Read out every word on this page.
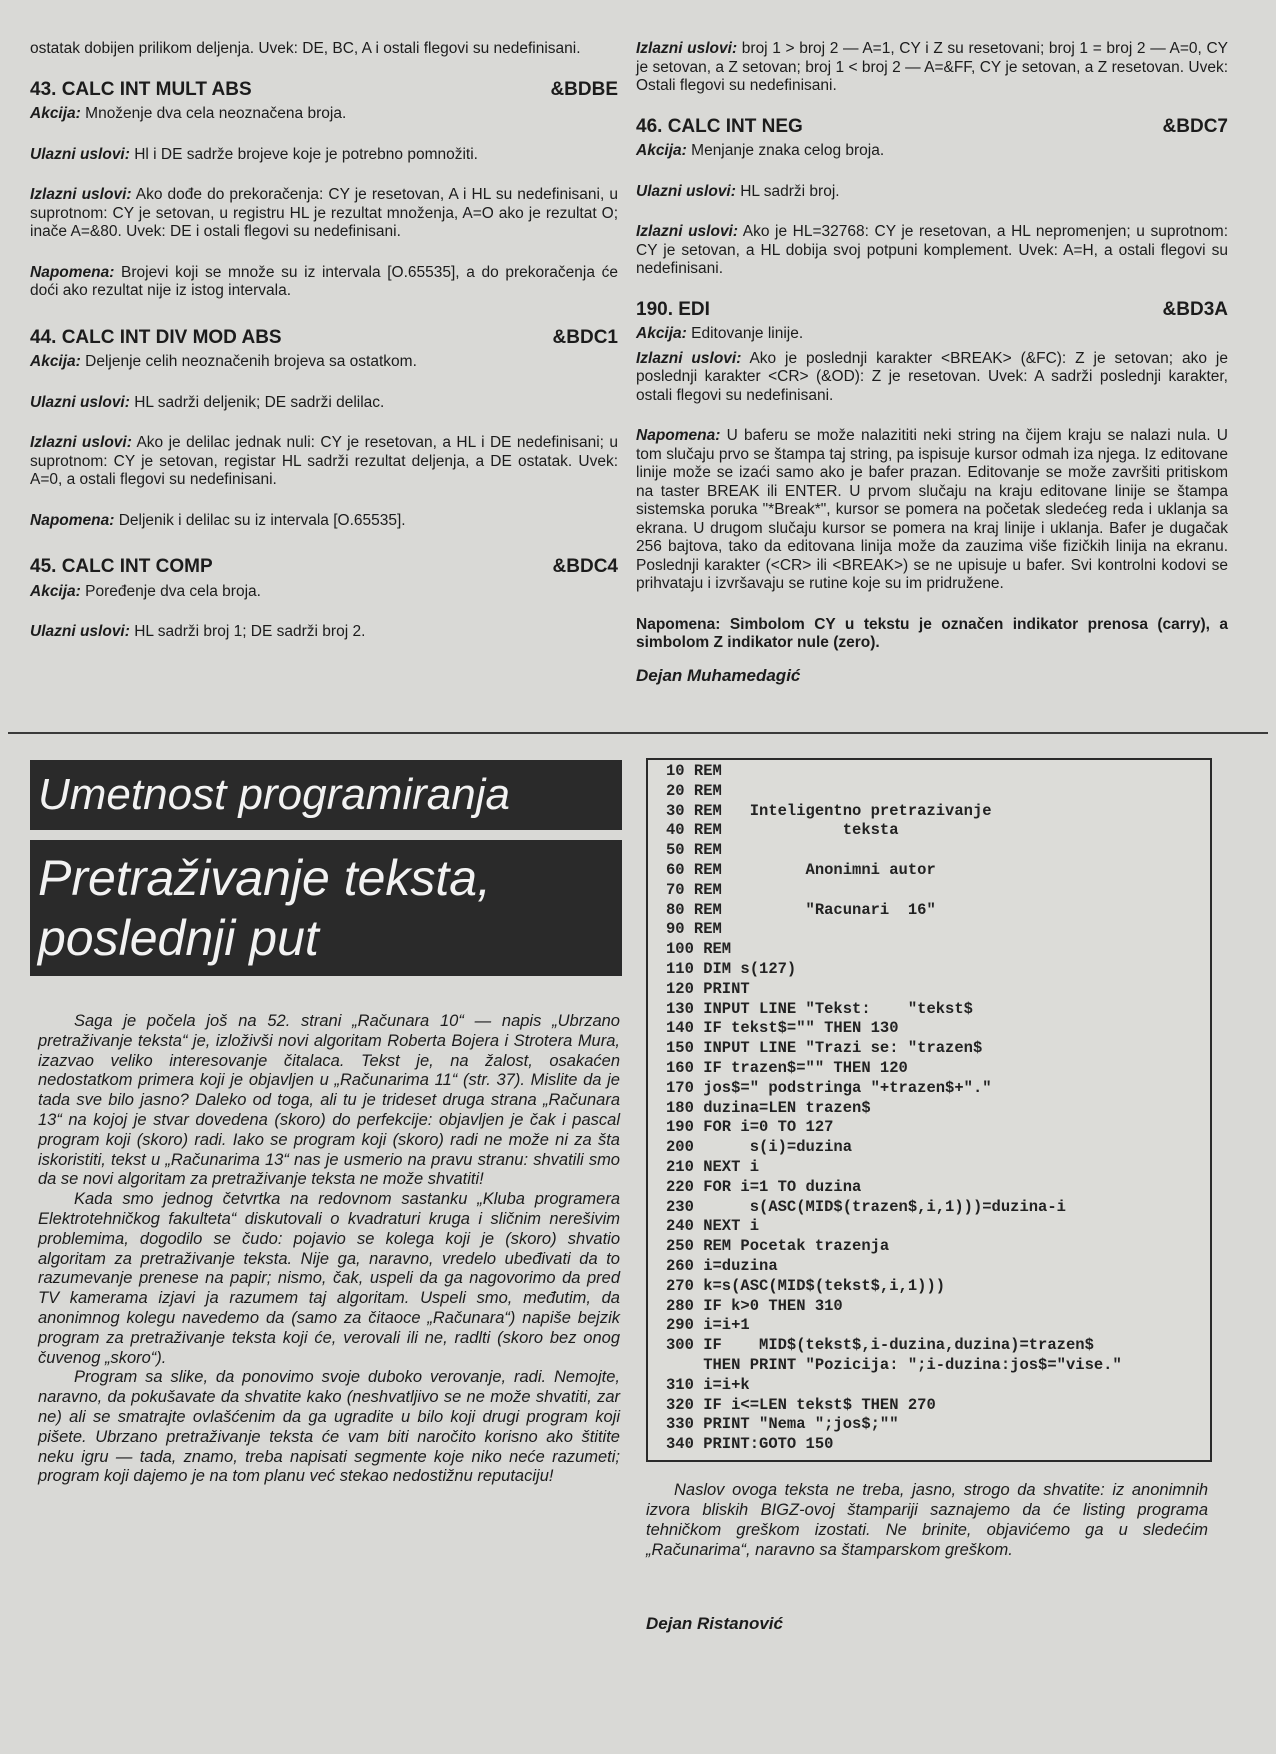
ostatak dobijen prilikom deljenja. Uvek: DE, BC, A i ostali flegovi su nedefinisani.

43. CALC INT MULT ABS	&BDBE

Akcija: Množenje dva cela neoznačena broja.

Ulazni uslovi: Hl i DE sadrže brojeve koje je potrebno pomnožiti.

Izlazni uslovi: Ako dođe do prekoračenja: CY je resetovan, A i HL su nedefinisani, u suprotnom: CY je setovan, u registru HL je rezultat množenja, A=O ako je rezultat O; inače A=&80. Uvek: DE i ostali flegovi su nedefinisani.

Napomena: Brojevi koji se množe su iz intervala [O.65535], a do prekoračenja će doći ako rezultat nije iz istog intervala.

44. CALC INT DIV MOD ABS	&BDC1

Akcija: Deljenje celih neoznačenih brojeva sa ostatkom.

Ulazni uslovi: HL sadrži deljenik; DE sadrži delilac.

Izlazni uslovi: Ako je delilac jednak nuli: CY je resetovan, a HL i DE nedefinisani; u suprotnom: CY je setovan, registar HL sadrži rezultat deljenja, a DE ostatak. Uvek: A=0, a ostali flegovi su nedefinisani.

Napomena: Deljenik i delilac su iz intervala [O.65535].

45. CALC INT COMP	&BDC4

Akcija: Poređenje dva cela broja.

Ulazni uslovi: HL sadrži broj 1; DE sadrži broj 2.

Izlazni uslovi: broj 1 > broj 2 — A=1, CY i Z su resetovani; broj 1 = broj 2 — A=0, CY je setovan, a Z setovan; broj 1 < broj 2 — A=&FF, CY je setovan, a Z resetovan. Uvek: Ostali flegovi su nedefinisani.

46. CALC INT NEG	&BDC7

Akcija: Menjanje znaka celog broja.

Ulazni uslovi: HL sadrži broj.

Izlazni uslovi: Ako je HL=32768: CY je resetovan, a HL nepromenjen; u suprotnom: CY je setovan, a HL dobija svoj potpuni komplement. Uvek: A=H, a ostali flegovi su nedefinisani.

190. EDI	&BD3A

Akcija: Editovanje linije.

Izlazni uslovi: Ako je poslednji karakter <BREAK> (&FC): Z je setovan; ako je poslednji karakter <CR> (&OD): Z je resetovan. Uvek: A sadrži poslednji karakter, ostali flegovi su nedefinisani.

Napomena: U baferu se može nalazititi neki string na čijem kraju se nalazi nula. U tom slučaju prvo se štampa taj string, pa ispisuje kursor odmah iza njega. Iz editovane linije može se izaći samo ako je bafer prazan. Editovanje se može završiti pritiskom na taster BREAK ili ENTER. U prvom slučaju na kraju editovane linije se štampa sistemska poruka "*Break*", kursor se pomera na početak sledećeg reda i uklanja sa ekrana. U drugom slučaju kursor se pomera na kraj linije i uklanja. Bafer je dugačak 256 bajtova, tako da editovana linija može da zauzima više fizičkih linija na ekranu. Poslednji karakter (<CR> ili <BREAK>) se ne upisuje u bafer. Svi kontrolni kodovi se prihvataju i izvršavaju se rutine koje su im pridružene.

Napomena: Simbolom CY u tekstu je označen indikator prenosa (carry), a simbolom Z indikator nule (zero).

Dejan Muhamedagić
Umetnost programiranja
Pretraživanje teksta, poslednji put

Saga je počela još na 52. strani „Računara 10“ — napis „Ubrzano pretraživanje teksta“ je, izloživši novi algoritam Roberta Bojera i Strotera Mura, izazvao veliko interesovanje čitalaca. Tekst je, na žalost, osakaćen nedostatkom primera koji je objavljen u „Računarima 11“ (str. 37). Mislite da je tada sve bilo jasno? Daleko od toga, ali tu je trideset druga strana „Računara 13“ na kojoj je stvar dovedena (skoro) do perfekcije: objavljen je čak i pascal program koji (skoro) radi. Iako se program koji (skoro) radi ne može ni za šta iskoristiti, tekst u „Računarima 13“ nas je usmerio na pravu stranu: shvatili smo da se novi algoritam za pretraživanje teksta ne može shvatiti!

Kada smo jednog četvrtka na redovnom sastanku „Kluba programera Elektrotehničkog fakulteta“ diskutovali o kvadraturi kruga i sličnim nerešivim problemima, dogodilo se čudo: pojavio se kolega koji je (skoro) shvatio algoritam za pretraživanje teksta. Nije ga, naravno, vredelo ubeđivati da to razumevanje prenese na papir; nismo, čak, uspeli da ga nagovorimo da pred TV kamerama izjavi ja razumem taj algoritam. Uspeli smo, međutim, da anonimnog kolegu navedemo da (samo za čitaoce „Računara“) napiše bejzik program za pretraživanje teksta koji će, verovali ili ne, radlti (skoro bez onog čuvenog „skoro“).

Program sa slike, da ponovimo svoje duboko verovanje, radi. Nemojte, naravno, da pokušavate da shvatite kako (neshvatljivo se ne može shvatiti, zar ne) ali se smatrajte ovlašćenim da ga ugradite u bilo koji drugi program koji pišete. Ubrzano pretraživanje teksta će vam biti naročito korisno ako štitite neku igru — tada, znamo, treba napisati segmente koje niko neće razumeti; program koji dajemo je na tom planu već stekao nedostižnu reputaciju!

10 REM
20 REM
30 REM   Inteligentno pretrazivanje
40 REM             teksta
50 REM
60 REM         Anonimni autor
70 REM
80 REM         "Racunari  16"
90 REM
100 REM
110 DIM s(127)
120 PRINT
130 INPUT LINE "Tekst:    "tekst$
140 IF tekst$="" THEN 130
150 INPUT LINE "Trazi se: "trazen$
160 IF trazen$="" THEN 120
170 jos$=" podstringa "+trazen$+"."
180 duzina=LEN trazen$
190 FOR i=0 TO 127
200      s(i)=duzina
210 NEXT i
220 FOR i=1 TO duzina
230      s(ASC(MID$(trazen$,i,1)))=duzina-i
240 NEXT i
250 REM Pocetak trazenja
260 i=duzina
270 k=s(ASC(MID$(tekst$,i,1)))
280 IF k>0 THEN 310
290 i=i+1
300 IF    MID$(tekst$,i-duzina,duzina)=trazen$
THEN PRINT "Pozicija: ";i-duzina:jos$="vise."
310 i=i+k
320 IF i<=LEN tekst$ THEN 270
330 PRINT "Nema ";jos$;""
340 PRINT:GOTO 150
Naslov ovoga teksta ne treba, jasno, strogo da shvatite: iz anonimnih izvora bliskih BIGZ-ovoj štampariji saznajemo da će listing programa tehničkom greškom izostati. Ne brinite, objavićemo ga u sledećim „Računarima“, naravno sa štamparskom greškom.
Dejan Ristanović
